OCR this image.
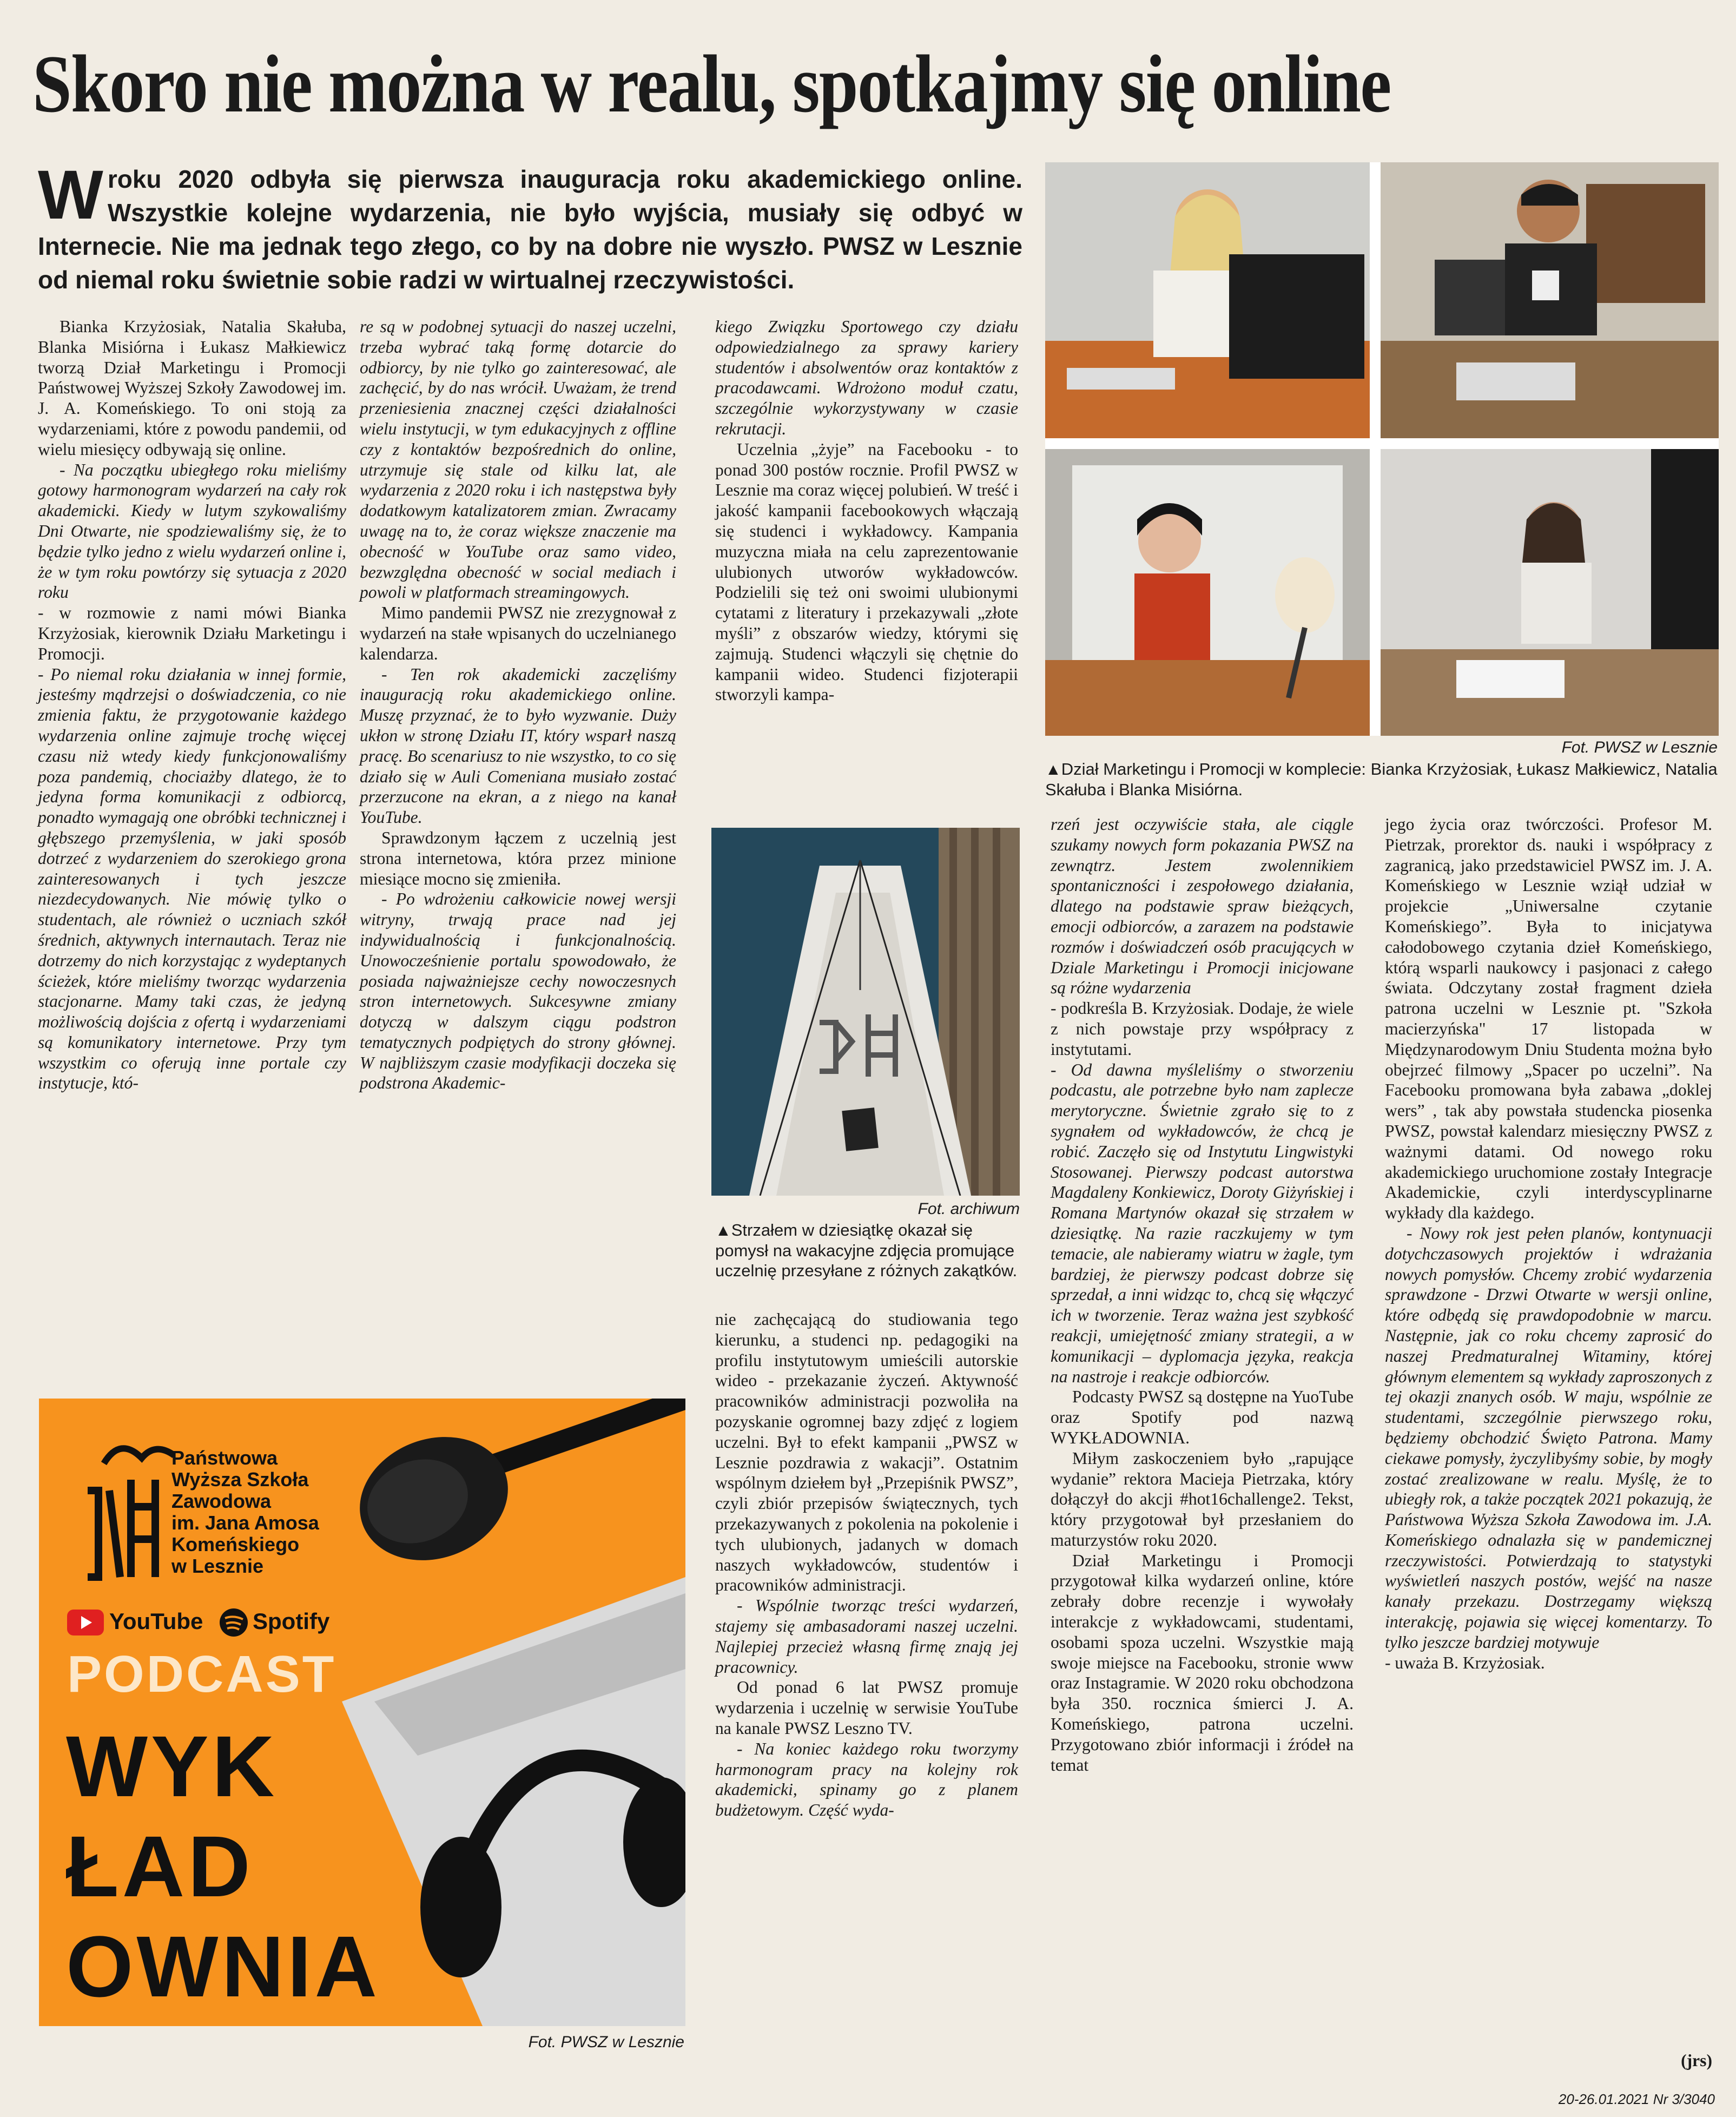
Skoro nie można w realu, spotkajmy się online
Wroku 2020 odbyła się pierwsza inauguracja roku akademickiego online. Wszystkie kolejne wydarzenia, nie było wyjścia, musiały się odbyć w Internecie. Nie ma jednak tego złego, co by na dobre nie wyszło. PWSZ w Lesznie od niemal roku świetnie sobie radzi w wirtualnej rzeczywistości.

Bianka Krzyżosiak, Natalia Skałuba, Blanka Misiórna i Łukasz Małkiewicz tworzą Dział Marketingu i Promocji Państwowej Wyższej Szkoły Zawodowej im. J. A. Komeńskiego. To oni stoją za wydarzeniami, które z powodu pandemii, od wielu miesięcy odbywają się online.

- Na początku ubiegłego roku mieliśmy gotowy harmonogram wydarzeń na cały rok akademicki. Kiedy w lutym szykowaliśmy Dni Otwarte, nie spodziewaliśmy się, że to będzie tylko jedno z wielu wydarzeń online i, że w tym roku powtórzy się sytuacja z 2020 roku

- w rozmowie z nami mówi Bianka Krzyżosiak, kierownik Działu Marketingu i Promocji.

- Po niemal roku działania w innej formie, jesteśmy mądrzejsi o doświadczenia, co nie zmienia faktu, że przygotowanie każdego wydarzenia online zajmuje trochę więcej czasu niż wtedy kiedy funkcjonowaliśmy poza pandemią, chociażby dlatego, że to jedyna forma komunikacji z odbiorcą, ponadto wymagają one obróbki technicznej i głębszego przemyślenia, w jaki sposób dotrzeć z wydarzeniem do szerokiego grona zainteresowanych i tych jeszcze niezdecydowanych. Nie mówię tylko o studentach, ale również o uczniach szkół średnich, aktywnych internautach. Teraz nie dotrzemy do nich korzystając z wydeptanych ścieżek, które mieliśmy tworząc wydarzenia stacjonarne. Mamy taki czas, że jedyną możliwością dojścia z ofertą i wydarzeniami są komunikatory internetowe. Przy tym wszystkim co oferują inne portale czy instytucje, któ-

re są w podobnej sytuacji do naszej uczelni, trzeba wybrać taką formę dotarcie do odbiorcy, by nie tylko go zainteresować, ale zachęcić, by do nas wrócił. Uważam, że trend przeniesienia znacznej części działalności wielu instytucji, w tym edukacyjnych z offline czy z kontaktów bezpośrednich do online, utrzymuje się stale od kilku lat, ale wydarzenia z 2020 roku i ich następstwa były dodatkowym katalizatorem zmian. Zwracamy uwagę na to, że coraz większe znaczenie ma obecność w YouTube oraz samo video, bezwzględna obecność w social mediach i powoli w platformach streamingowych.

Mimo pandemii PWSZ nie zrezygnował z wydarzeń na stałe wpisanych do uczelnianego kalendarza.

- Ten rok akademicki zaczęliśmy inauguracją roku akademickiego online. Muszę przyznać, że to było wyzwanie. Duży ukłon w stronę Działu IT, który wsparł naszą pracę. Bo scenariusz to nie wszystko, to co się działo się w Auli Comeniana musiało zostać przerzucone na ekran, a z niego na kanał YouTube.

Sprawdzonym łączem z uczelnią jest strona internetowa, która przez minione miesiące mocno się zmieniła.

- Po wdrożeniu całkowicie nowej wersji witryny, trwają prace nad jej indywidualnością i funkcjonalnością. Unowocześnienie portalu spowodowało, że posiada najważniejsze cechy nowoczesnych stron internetowych. Sukcesywne zmiany dotyczą w dalszym ciągu podstron tematycznych podpiętych do strony głównej. W najbliższym czasie modyfikacji doczeka się podstrona Akademic-

kiego Związku Sportowego czy działu odpowiedzialnego za sprawy kariery studentów i absolwentów oraz kontaktów z pracodawcami. Wdrożono moduł czatu, szczególnie wykorzystywany w czasie rekrutacji.

Uczelnia „żyje” na Facebooku - to ponad 300 postów rocznie. Profil PWSZ w Lesznie ma coraz więcej polubień. W treść i jakość kampanii facebookowych włączają się studenci i wykładowcy. Kampania muzyczna miała na celu zaprezentowanie ulubionych utworów wykładowców. Podzielili się też oni swoimi ulubionymi cytatami z literatury i przekazywali „złote myśli” z obszarów wiedzy, którymi się zajmują. Studenci włączyli się chętnie do kampanii wideo. Studenci fizjoterapii stworzyli kampa-

Fot. archiwum
▲Strzałem w dziesiątkę okazał się pomysł na wakacyjne zdjęcia promujące uczelnię przesyłane z różnych zakątków.

nie zachęcającą do studiowania tego kierunku, a studenci np. pedagogiki na profilu instytutowym umieścili autorskie wideo - przekazanie życzeń. Aktywność pracowników administracji pozwoliła na pozyskanie ogromnej bazy zdjęć z logiem uczelni. Był to efekt kampanii „PWSZ w Lesznie pozdrawia z wakacji”. Ostatnim wspólnym dziełem był „Przepiśnik PWSZ”, czyli zbiór przepisów świątecznych, tych przekazywanych z pokolenia na pokolenie i tych ulubionych, jadanych w domach naszych wykładowców, studentów i pracowników administracji.

- Wspólnie tworząc treści wydarzeń, stajemy się ambasadorami naszej uczelni. Najlepiej przecież własną firmę znają jej pracownicy.

Od ponad 6 lat PWSZ promuje wydarzenia i uczelnię w serwisie YouTube na kanale PWSZ Leszno TV.

- Na koniec każdego roku tworzymy harmonogram pracy na kolejny rok akademicki, spinamy go z planem budżetowym. Część wyda-

Fot. PWSZ w Lesznie
▲Dział Marketingu i Promocji w komplecie: Bianka Krzyżosiak, Łukasz Małkiewicz, Natalia Skałuba i Blanka Misiórna.

rzeń jest oczywiście stała, ale ciągle szukamy nowych form pokazania PWSZ na zewnątrz. Jestem zwolennikiem spontaniczności i zespołowego działania, dlatego na podstawie spraw bieżących, emocji odbiorców, a zarazem na podstawie rozmów i doświadczeń osób pracujących w Dziale Marketingu i Promocji inicjowane są różne wydarzenia

- podkreśla B. Krzyżosiak. Dodaje, że wiele z nich powstaje przy współpracy z instytutami.

- Od dawna myśleliśmy o stworzeniu podcastu, ale potrzebne było nam zaplecze merytoryczne. Świetnie zgrało się to z sygnałem od wykładowców, że chcą je robić. Zaczęło się od Instytutu Lingwistyki Stosowanej. Pierwszy podcast autorstwa Magdaleny Konkiewicz, Doroty Giżyńskiej i Romana Martynów okazał się strzałem w dziesiątkę. Na razie raczkujemy w tym temacie, ale nabieramy wiatru w żagle, tym bardziej, że pierwszy podcast dobrze się sprzedał, a inni widząc to, chcą się włączyć ich w tworzenie. Teraz ważna jest szybkość reakcji, umiejętność zmiany strategii, a w komunikacji – dyplomacja języka, reakcja na nastroje i reakcje odbiorców.

Podcasty PWSZ są dostępne na YuoTube oraz Spotify pod nazwą WYKŁADOWNIA.

Miłym zaskoczeniem było „rapujące wydanie” rektora Macieja Pietrzaka, który dołączył do akcji #hot16challenge2. Tekst, który przygotował był przesłaniem do maturzystów roku 2020.

Dział Marketingu i Promocji przygotował kilka wydarzeń online, które zebrały dobre recenzje i wywołały interakcje z wykładowcami, studentami, osobami spoza uczelni. Wszystkie mają swoje miejsce na Facebooku, stronie www oraz Instagramie. W 2020 roku obchodzona była 350. rocznica śmierci J. A. Komeńskiego, patrona uczelni. Przygotowano zbiór informacji i źródeł na temat

jego życia oraz twórczości. Profesor M. Pietrzak, prorektor ds. nauki i współpracy z zagranicą, jako przedstawiciel PWSZ im. J. A. Komeńskiego w Lesznie wziął udział w projekcie „Uniwersalne czytanie Komeńskiego”. Była to inicjatywa całodobowego czytania dzieł Komeńskiego, którą wsparli naukowcy i pasjonaci z całego świata. Odczytany został fragment dzieła patrona uczelni w Lesznie pt. "Szkoła macierzyńska" 17 listopada w Międzynarodowym Dniu Studenta można było obejrzeć filmowy „Spacer po uczelni”. Na Facebooku promowana była zabawa „doklej wers” , tak aby powstała studencka piosenka PWSZ, powstał kalendarz miesięczny PWSZ z ważnymi datami. Od nowego roku akademickiego uruchomione zostały Integracje Akademickie, czyli interdyscyplinarne wykłady dla każdego.

- Nowy rok jest pełen planów, kontynuacji dotychczasowych projektów i wdrażania nowych pomysłów. Chcemy zrobić wydarzenia sprawdzone - Drzwi Otwarte w wersji online, które odbędą się prawdopodobnie w marcu. Następnie, jak co roku chcemy zaprosić do naszej Predmaturalnej Witaminy, której głównym elementem są wykłady zaproszonych z tej okazji znanych osób. W maju, wspólnie ze studentami, szczególnie pierwszego roku, będziemy obchodzić Święto Patrona. Mamy ciekawe pomysły, życzylibyśmy sobie, by mogły zostać zrealizowane w realu. Myślę, że to ubiegły rok, a także początek 2021 pokazują, że Państwowa Wyższa Szkoła Zawodowa im. J.A. Komeńskiego odnalazła się w pandemicznej rzeczywistości. Potwierdzają to statystyki wyświetleń naszych postów, wejść na nasze kanały przekazu. Dostrzegamy większą interakcję, pojawia się więcej komentarzy. To tylko jeszcze bardziej motywuje

- uważa B. Krzyżosiak.

(jrs)
Państwowa
Wyższa Szkoła
Zawodowa
im. Jana Amosa
Komeńskiego
w Lesznie
YouTube Spotify
PODCAST
WYK
ŁAD
OWNIA
Fot. PWSZ w Lesznie
20-26.01.2021 Nr 3/3040
